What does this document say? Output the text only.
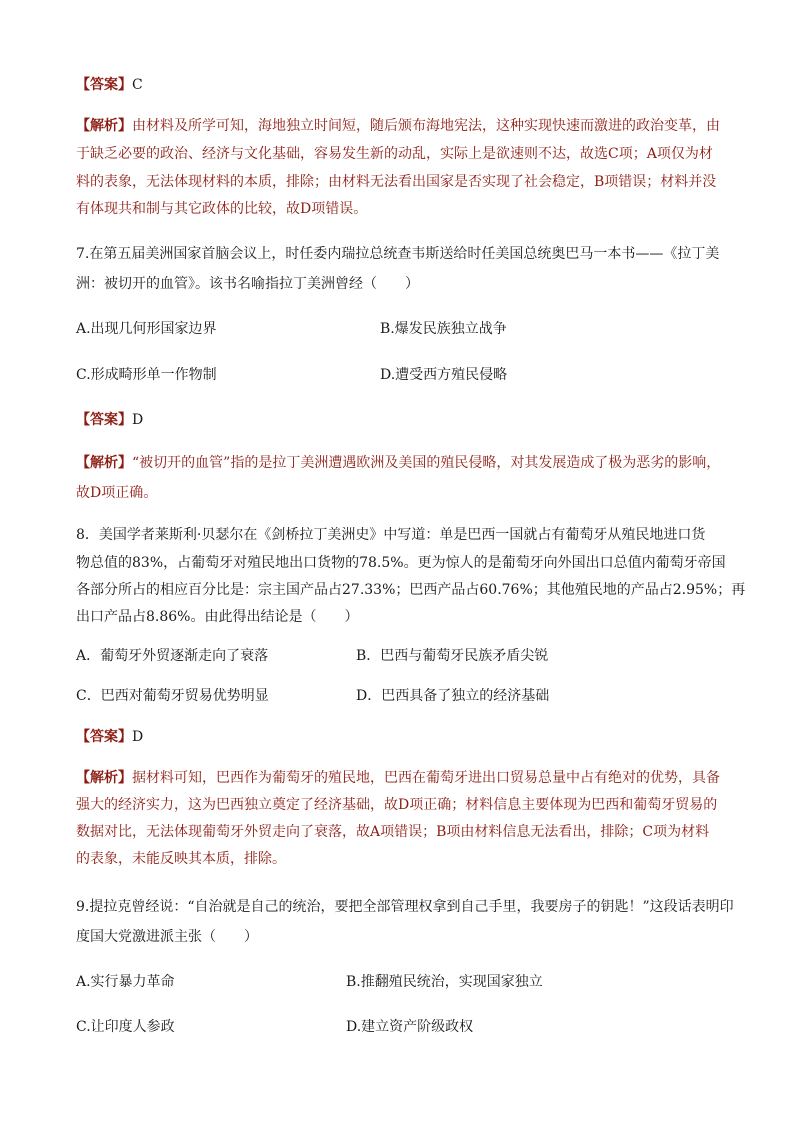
【答案】C
【解析】由材料及所学可知，海地独立时间短，随后颁布海地宪法，这种实现快速而激进的政治变革，由
于缺乏必要的政治、经济与文化基础，容易发生新的动乱，实际上是欲速则不达，故选C项；A项仅为材
料的表象，无法体现材料的本质，排除；由材料无法看出国家是否实现了社会稳定，B项错误；材料并没
有体现共和制与其它政体的比较，故D项错误。
7.在第五届美洲国家首脑会议上，时任委内瑞拉总统查韦斯送给时任美国总统奥巴马一本书——《拉丁美
洲：被切开的血管》。该书名喻指拉丁美洲曾经（　　）
A.出现几何形国家边界	B.爆发民族独立战争
C.形成畸形单一作物制	D.遭受西方殖民侵略
【答案】D
【解析】“被切开的血管”指的是拉丁美洲遭遇欧洲及美国的殖民侵略，对其发展造成了极为恶劣的影响，
故D项正确。
8．美国学者莱斯利·贝瑟尔在《剑桥拉丁美洲史》中写道：单是巴西一国就占有葡萄牙从殖民地进口货
物总值的83%，占葡萄牙对殖民地出口货物的78.5%。更为惊人的是葡萄牙向外国出口总值内葡萄牙帝国
各部分所占的相应百分比是：宗主国产品占27.33%；巴西产品占60.76%；其他殖民地的产品占2.95%；再
出口产品占8.86%。由此得出结论是（　　）
A．葡萄牙外贸逐渐走向了衰落	B．巴西与葡萄牙民族矛盾尖锐
C．巴西对葡萄牙贸易优势明显	D．巴西具备了独立的经济基础
【答案】D
【解析】据材料可知，巴西作为葡萄牙的殖民地，巴西在葡萄牙进出口贸易总量中占有绝对的优势，具备
强大的经济实力，这为巴西独立奠定了经济基础，故D项正确；材料信息主要体现为巴西和葡萄牙贸易的
数据对比，无法体现葡萄牙外贸走向了衰落，故A项错误；B项由材料信息无法看出，排除；C项为材料
的表象，未能反映其本质，排除。
9.提拉克曾经说：“自治就是自己的统治，要把全部管理权拿到自己手里，我要房子的钥匙！”这段话表明印
度国大党激进派主张（　　）
A.实行暴力革命	B.推翻殖民统治，实现国家独立
C.让印度人参政	D.建立资产阶级政权
